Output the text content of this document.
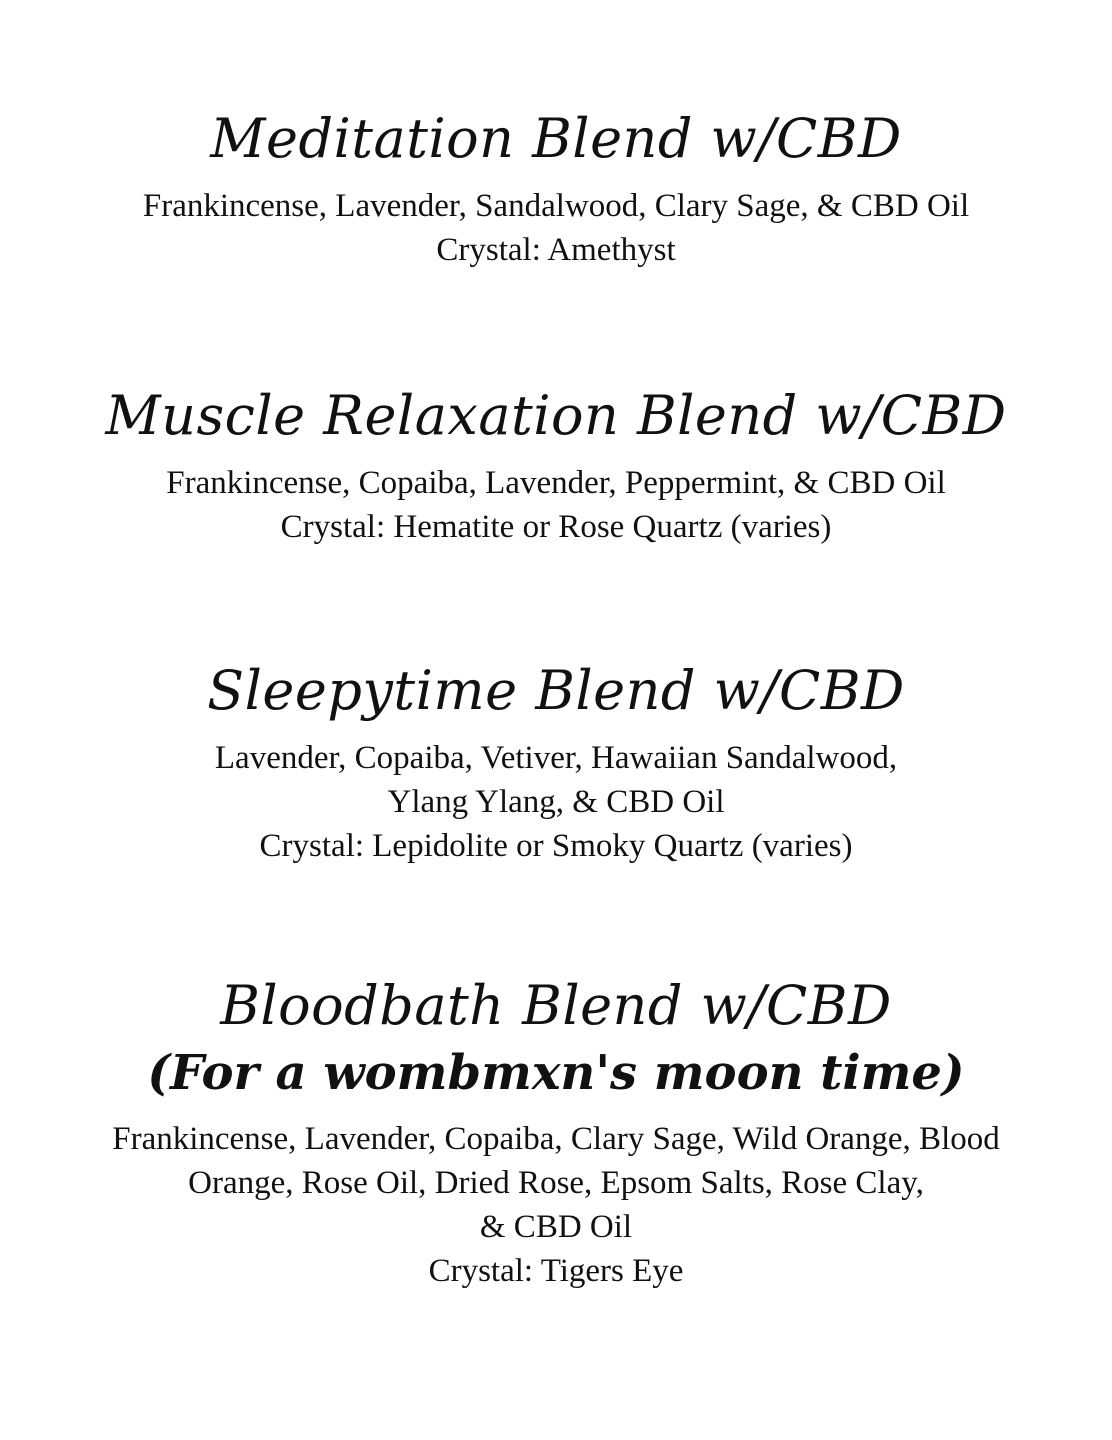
Meditation Blend w/CBD

Frankincense, Lavender, Sandalwood, Clary Sage, & CBD Oil

Crystal: Amethyst

Muscle Relaxation Blend w/CBD

Frankincense, Copaiba, Lavender, Peppermint, & CBD Oil

Crystal: Hematite or Rose Quartz (varies)

Sleepytime Blend w/CBD

Lavender, Copaiba, Vetiver, Hawaiian Sandalwood,

Ylang Ylang, & CBD Oil

Crystal: Lepidolite or Smoky Quartz (varies)

Bloodbath Blend w/CBD
(For a wombmxn's moon time)

Frankincense, Lavender, Copaiba, Clary Sage, Wild Orange, Blood

Orange, Rose Oil, Dried Rose, Epsom Salts, Rose Clay,

& CBD Oil

Crystal: Tigers Eye
